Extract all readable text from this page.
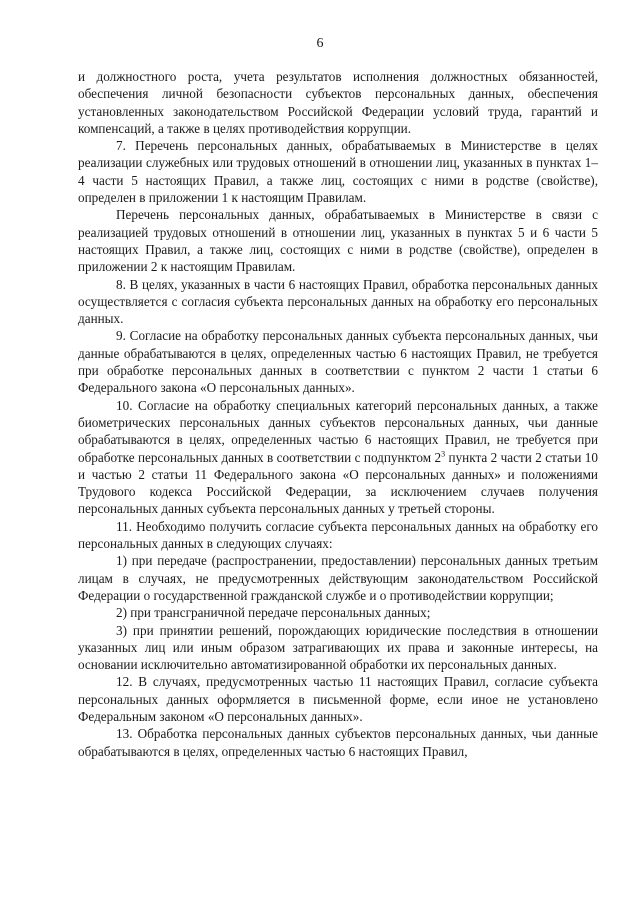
6

и должностного роста, учета результатов исполнения должностных обязанностей, обеспечения личной безопасности субъектов персональных данных, обеспечения установленных законодательством Российской Федерации условий труда, гарантий и компенсаций, а также в целях противодействия коррупции.

7. Перечень персональных данных, обрабатываемых в Министерстве в целях реализации служебных или трудовых отношений в отношении лиц, указанных в пунктах 1–4 части 5 настоящих Правил, а также лиц, состоящих с ними в родстве (свойстве), определен в приложении 1 к настоящим Правилам.

Перечень персональных данных, обрабатываемых в Министерстве в связи с реализацией трудовых отношений в отношении лиц, указанных в пунктах 5 и 6 части 5 настоящих Правил, а также лиц, состоящих с ними в родстве (свойстве), определен в приложении 2 к настоящим Правилам.

8. В целях, указанных в части 6 настоящих Правил, обработка персональных данных осуществляется с согласия субъекта персональных данных на обработку его персональных данных.

9. Согласие на обработку персональных данных субъекта персональных данных, чьи данные обрабатываются в целях, определенных частью 6 настоящих Правил, не требуется при обработке персональных данных в соответствии с пунктом 2 части 1 статьи 6 Федерального закона «О персональных данных».

10. Согласие на обработку специальных категорий персональных данных, а также биометрических персональных данных субъектов персональных данных, чьи данные обрабатываются в целях, определенных частью 6 настоящих Правил, не требуется при обработке персональных данных в соответствии с подпунктом $2^3$ пункта 2 части 2 статьи 10 и частью 2 статьи 11 Федерального закона «О персональных данных» и положениями Трудового кодекса Российской Федерации, за исключением случаев получения персональных данных субъекта персональных данных у третьей стороны.

11. Необходимо получить согласие субъекта персональных данных на обработку его персональных данных в следующих случаях:

1) при передаче (распространении, предоставлении) персональных данных третьим лицам в случаях, не предусмотренных действующим законодательством Российской Федерации о государственной гражданской службе и о противодействии коррупции;

2) при трансграничной передаче персональных данных;

3) при принятии решений, порождающих юридические последствия в отношении указанных лиц или иным образом затрагивающих их права и законные интересы, на основании исключительно автоматизированной обработки их персональных данных.

12. В случаях, предусмотренных частью 11 настоящих Правил, согласие субъекта персональных данных оформляется в письменной форме, если иное не установлено Федеральным законом «О персональных данных».

13. Обработка персональных данных субъектов персональных данных, чьи данные обрабатываются в целях, определенных частью 6 настоящих Правил,
